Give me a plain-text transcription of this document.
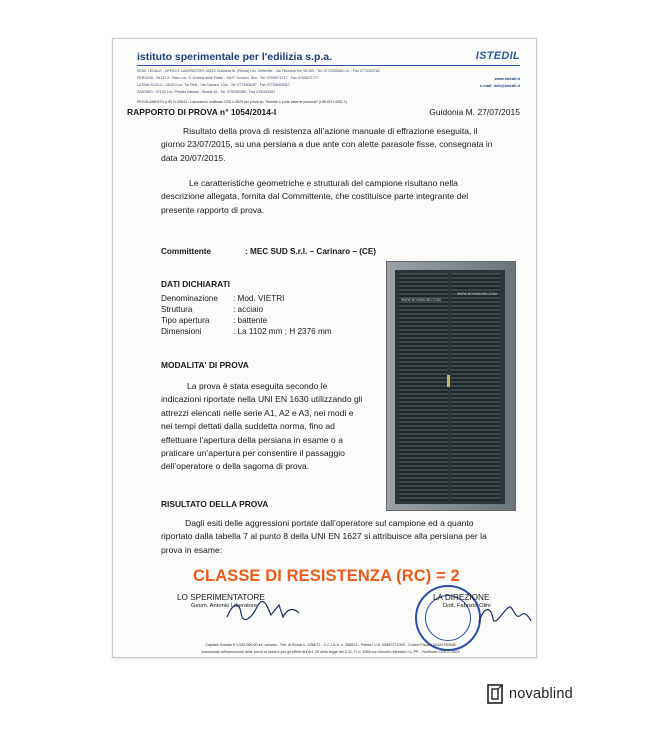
istituto sperimentale per l'edilizia s.p.a.	ISTEDIL
SEDE LEGALE - UFFICI E LABORATORI: 00012 Guidonia M. (Roma) Loc. Setteville - Via Tiburtina Km 18,300 - Tel. 0774353580 r.a. - Fax 0774393762
PERUGIA - 06132 S. Sisto Loc. S. Andrea delle Fratte - Via P. Soriano, Snc - Tel. 075/5071717 - Fax 075/5271777
LATINA SCALO - 04013 Loc. Tor Pinti - Via Carrara, 10/a - Tel. 0773/6363F - Fax 0773/6405017
SASSARI - 07100 Loc. Predda Niedda - Strada 16 - Tel. 079/260280 - Fax 079/261583
www.istedil.it
e-mail: info@istedil.it
REGOLAMENTO (UE) N.305/11 - Laboratorio notificato CEE n.0529 per prove su: "finestre e porte esterne pedonali" (UNI EN 14351-1)
RAPPORTO DI PROVA n° 1054/2014-I	Guidonia M. 27/07/2015
Risultato della prova di resistenza all’azione manuale di effrazione eseguita, il
giorno 23/07/2015, su una persiana a due ante con alette parasole fisse, consegnata in
data 20/07/2015.
Le caratteristiche geometriche e strutturali del campione risultano nella
descrizione allegata, fornita dal Committente, che costituisce parte integrante del
presente rapporto di prova.
Committente	: MEC SUD S.r.l. – Carinaro – (CE)
DATI DICHIARATI
Denominazione : Mod. VIETRI
Struttura	: acciaio
Tipo apertura	: battente
Dimensioni	: La 1102 mm ; H 2376 mm
MODALITA' DI PROVA
La prova è stata eseguita secondo le
indicazioni riportate nella UNI EN 1630 utilizzando gli
attrezzi elencati nelle serie A1, A2 e A3, nei modi e
nei tempi dettati dalla suddetta norma, fino ad
effettuare l’apertura della persiana in esame o a
praticare un’apertura per consentire il passaggio
dell’operatore o della sagoma di prova.
WWW.NOVABLIND.COM
WWW.NOVABLIND.COM
RISULTATO DELLA PROVA
Dagli esiti delle aggressioni portate dall’operatore sul campione ed a quanto
riportato dalla tabella 7 al punto 8 della UNI EN 1627 si attribuisce alla persiana per la
prova in esame:
CLASSE DI RESISTENZA (RC) = 2
LO SPERIMENTATORE
Geom. Antonio Liberatore
LA DIREZIONE
Dott. Fabrizio Olini
Capitale Sociale € 1.040.000,00 int. versato - Trib. di Roma n. 1258/72 - C.C.I.A.A. n. 358513 - Partita I.V.A. 00987271005 - Codice Fiscale 00422780585
Autorizzato all'esecuzione delle prove ai sensi e per gli effetti dell'Art. 20 della legge del 5-11-71 n. 1086 con Decreto Ministero LL.PP. - Notificato CEE n. 0529
novablind
